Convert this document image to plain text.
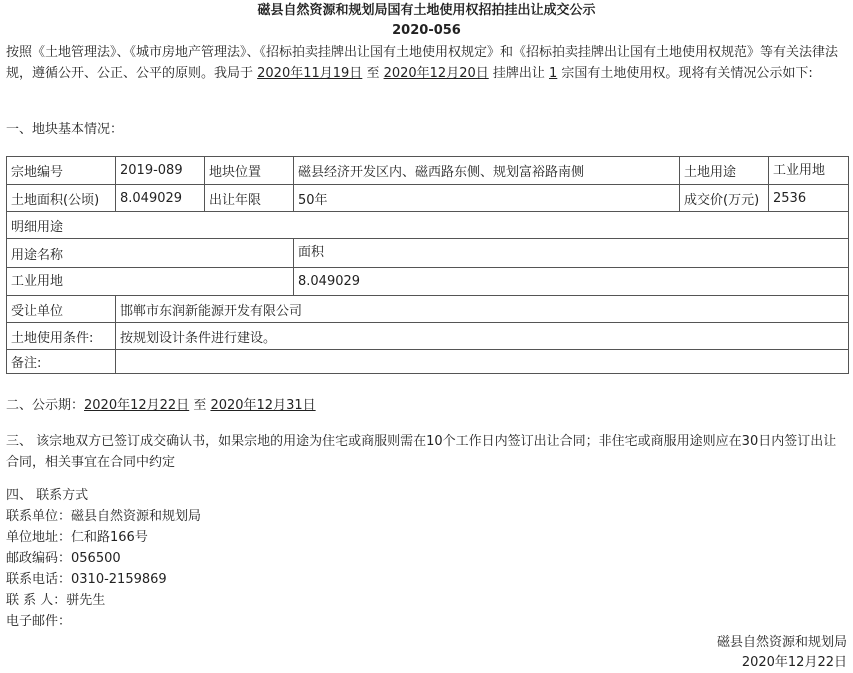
磁县自然资源和规划局国有土地使用权招拍挂出让成交公示
2020-056
按照《土地管理法》、《城市房地产管理法》、《招标拍卖挂牌出让国有土地使用权规定》和《招标拍卖挂牌出让国有土地使用权规范》等有关法律法规，遵循公开、公正、公平的原则。我局于 2020年11月19日 至 2020年12月20日 挂牌出让 1 宗国有土地使用权。现将有关情况公示如下:
一、地块基本情况：
宗地编号	2019-089	地块位置	磁县经济开发区内、磁西路东侧、规划富裕路南侧	土地用途	工业用地
土地面积(公顷)	8.049029	出让年限	50年	成交价(万元)	2536
明细用途					
用途名称			面积		
工业用地			8.049029		
受让单位	邯郸市东润新能源开发有限公司				
土地使用条件:	按规划设计条件进行建设。				
备注:					
二、公示期：2020年12月22日 至 2020年12月31日
三、 该宗地双方已签订成交确认书，如果宗地的用途为住宅或商服则需在10个工作日内签订出让合同；非住宅或商服用途则应在30日内签订出让合同，相关事宜在合同中约定
四、 联系方式
联系单位：磁县自然资源和规划局
单位地址：仁和路166号
邮政编码：056500
联系电话：0310-2159869
联 系 人：骈先生
电子邮件：
磁县自然资源和规划局
2020年12月22日
